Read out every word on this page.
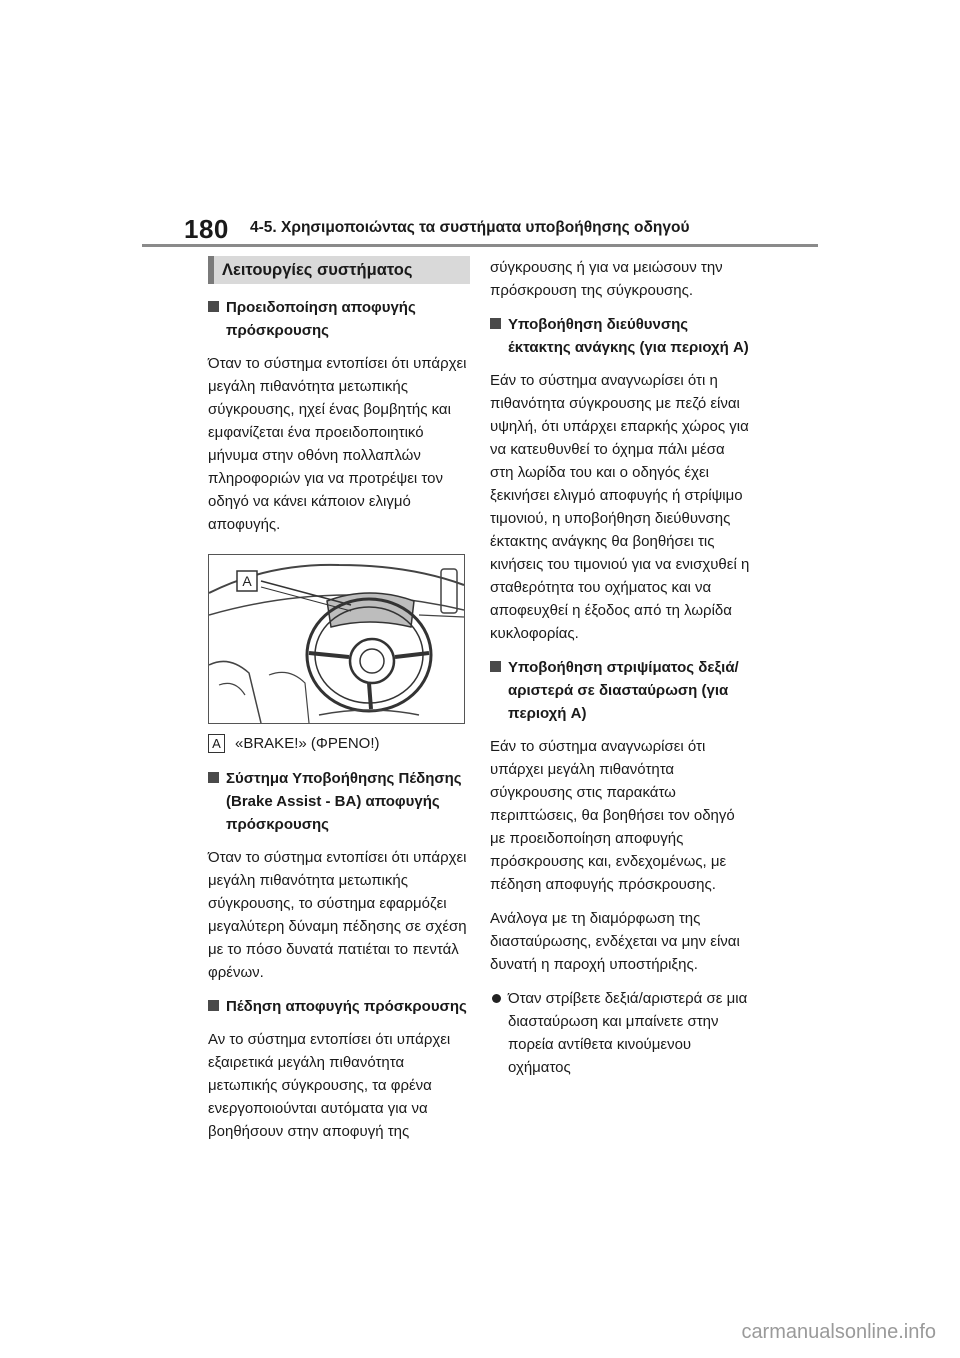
180 4-5. Χρησιμοποιώντας τα συστήματα υποβοήθησης οδηγού
Λειτουργίες συστήματος
Προειδοποίηση αποφυγής πρόσκρουσης

Όταν το σύστημα εντοπίσει ότι υπάρχει μεγάλη πιθανότητα μετωπικής σύγκρουσης, ηχεί ένας βομβητής και εμφανίζεται ένα προειδοποιητικό μήνυμα στην οθόνη πολλαπλών πληροφοριών για να προτρέψει τον οδηγό να κάνει κάποιον ελιγμό αποφυγής.

A
A «BRAKE!» (ΦΡΕΝΟ!)
Σύστημα Υποβοήθησης Πέδησης (Brake Assist - BA) αποφυγής πρόσκρουσης

Όταν το σύστημα εντοπίσει ότι υπάρχει μεγάλη πιθανότητα μετωπικής σύγκρουσης, το σύστημα εφαρμόζει μεγαλύτερη δύναμη πέδησης σε σχέση με το πόσο δυνατά πατιέται το πεντάλ φρένων.

Πέδηση αποφυγής πρόσκρουσης

Αν το σύστημα εντοπίσει ότι υπάρχει εξαιρετικά μεγάλη πιθανότητα μετωπικής σύγκρουσης, τα φρένα ενεργοποιούνται αυτόματα για να βοηθήσουν στην αποφυγή της

σύγκρουσης ή για να μειώσουν την πρόσκρουση της σύγκρουσης.

Υποβοήθηση διεύθυνσης έκτακτης ανάγκης (για περιοχή A)

Εάν το σύστημα αναγνωρίσει ότι η πιθανότητα σύγκρουσης με πεζό είναι υψηλή, ότι υπάρχει επαρκής χώρος για να κατευθυνθεί το όχημα πάλι μέσα στη λωρίδα του και ο οδηγός έχει ξεκινήσει ελιγμό αποφυγής ή στρίψιμο τιμονιού, η υποβοήθηση διεύθυνσης έκτακτης ανάγκης θα βοηθήσει τις κινήσεις του τιμονιού για να ενισχυθεί η σταθερότητα του οχήματος και να αποφευχθεί η έξοδος από τη λωρίδα κυκλοφορίας.

Υποβοήθηση στριψίματος δεξιά/αριστερά σε διασταύρωση (για περιοχή A)

Εάν το σύστημα αναγνωρίσει ότι υπάρχει μεγάλη πιθανότητα σύγκρουσης στις παρακάτω περιπτώσεις, θα βοηθήσει τον οδηγό με προειδοποίηση αποφυγής πρόσκρουσης και, ενδεχομένως, με πέδηση αποφυγής πρόσκρουσης.

Ανάλογα με τη διαμόρφωση της διασταύρωσης, ενδέχεται να μην είναι δυνατή η παροχή υποστήριξης.

Όταν στρίβετε δεξιά/αριστερά σε μια διασταύρωση και μπαίνετε στην πορεία αντίθετα κινούμενου οχήματος
carmanualsonline.info
